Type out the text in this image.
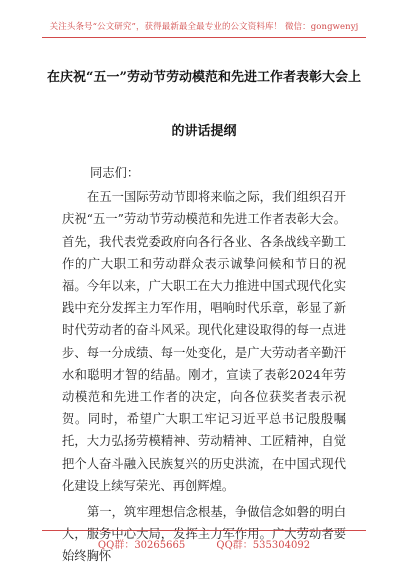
关注头条号“公文研究”，获得最新最全最专业的公文资料库！ 微信：gongwenyj
在庆祝“五一”劳动节劳动模范和先进工作者表彰大会上
的讲话提纲

同志们：

在五一国际劳动节即将来临之际，我们组织召开庆祝“五一”劳动节劳动模范和先进工作者表彰大会。首先，我代表党委政府向各行各业、各条战线辛勤工作的广大职工和劳动群众表示诚挚问候和节日的祝福。今年以来，广大职工在大力推进中国式现代化实践中充分发挥主力军作用，唱响时代乐章，彰显了新时代劳动者的奋斗风采。现代化建设取得的每一点进步、每一分成绩、每一处变化，是广大劳动者辛勤汗水和聪明才智的结晶。刚才，宣读了表彰2024年劳动模范和先进工作者的决定，向各位获奖者表示祝贺。同时，希望广大职工牢记习近平总书记殷殷嘱托，大力弘扬劳模精神、劳动精神、工匠精神，自觉把个人奋斗融入民族复兴的历史洪流，在中国式现代化建设上续写荣光、再创辉煌。

第一，筑牢理想信念根基，争做信念如磐的明白人，服务中心大局，发挥主力军作用。广大劳动者要始终胸怀

QQ群：30265665	QQ群：535304092
